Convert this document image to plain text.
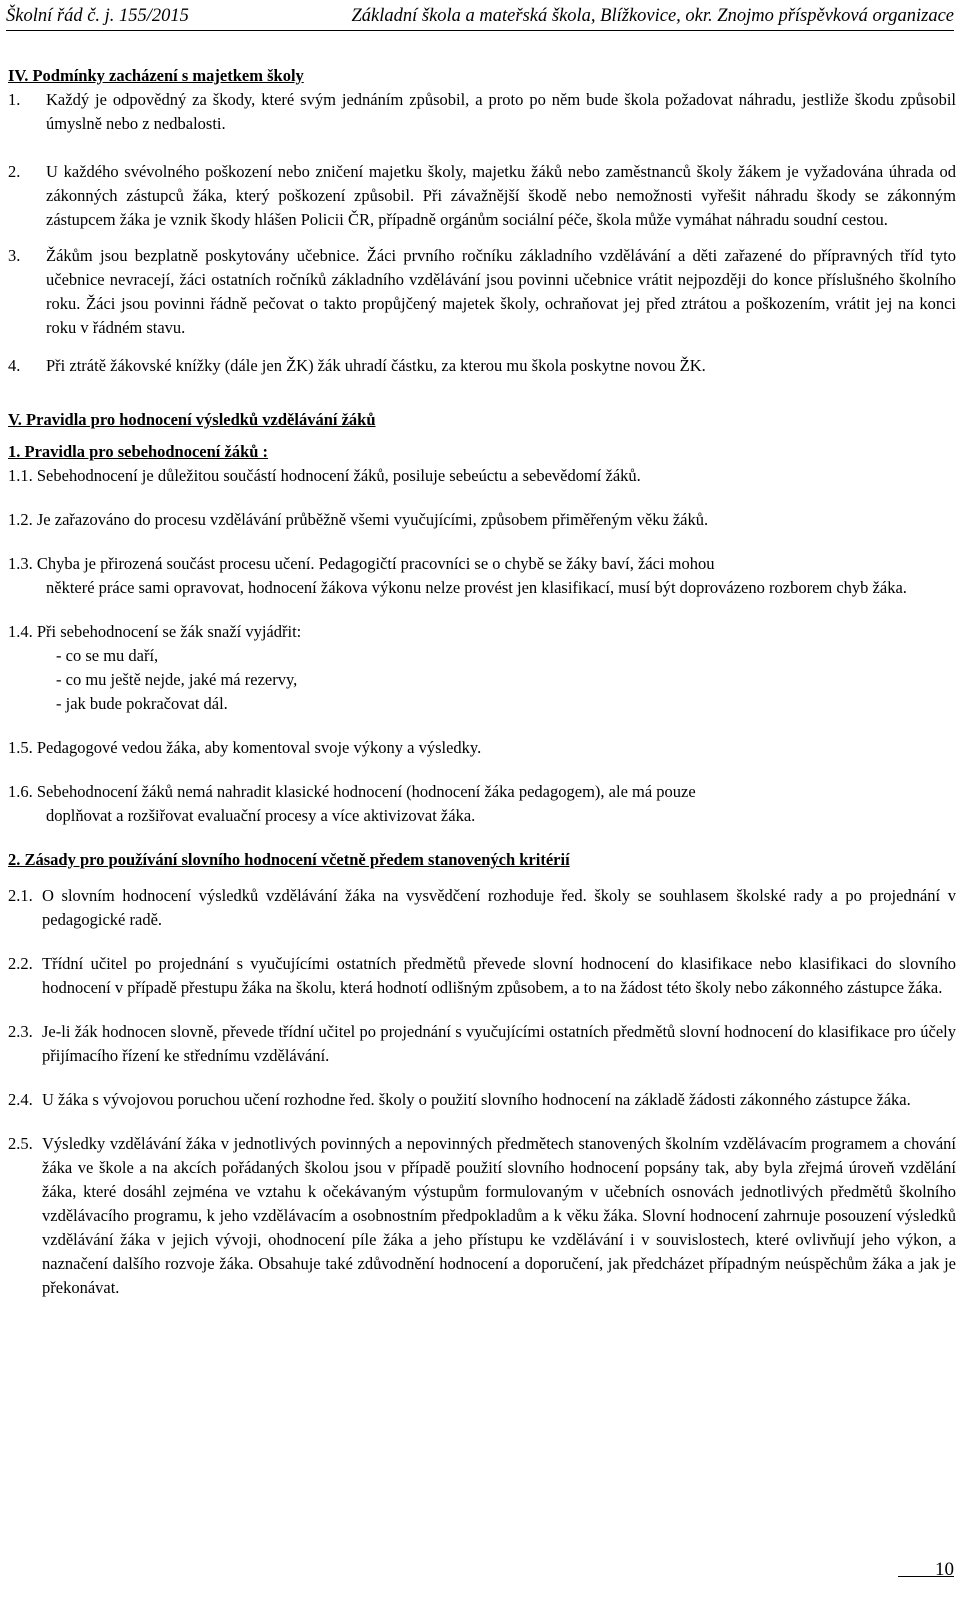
Školní řád č. j. 155/2015	Základní škola a mateřská škola, Blížkovice, okr. Znojmo příspěvková organizace

IV. Podmínky zacházení s majetkem školy

1.	Každý je odpovědný za škody, které svým jednáním způsobil, a proto po něm bude škola požadovat náhradu, jestliže škodu způsobil úmyslně nebo z nedbalosti.
2.	U každého svévolného poškození nebo zničení majetku školy, majetku žáků nebo zaměstnanců školy žákem je vyžadována úhrada od zákonných zástupců žáka, který poškození způsobil. Při závažnější škodě nebo nemožnosti vyřešit náhradu škody se zákonným zástupcem žáka je vznik škody hlášen Policii ČR, případně orgánům sociální péče, škola může vymáhat náhradu soudní cestou.
3.	Žákům jsou bezplatně poskytovány učebnice. Žáci prvního ročníku základního vzdělávání a děti zařazené do přípravných tříd tyto učebnice nevracejí, žáci ostatních ročníků základního vzdělávání jsou povinni učebnice vrátit nejpozději do konce příslušného školního roku. Žáci jsou povinni řádně pečovat o takto propůjčený majetek školy, ochraňovat jej před ztrátou a poškozením, vrátit jej na konci roku v řádném stavu.
4.	Při ztrátě žákovské knížky (dále jen ŽK) žák uhradí částku, za kterou mu škola poskytne novou ŽK.

V. Pravidla pro hodnocení výsledků vzdělávání žáků

1. Pravidla pro sebehodnocení žáků :

1.1. Sebehodnocení je důležitou součástí hodnocení žáků, posiluje sebeúctu a sebevědomí žáků.

1.2. Je zařazováno do procesu vzdělávání průběžně všemi vyučujícími, způsobem přiměřeným věku žáků.

1.3. Chyba je přirozená součást procesu učení. Pedagogičtí pracovníci se o chybě se žáky baví, žáci mohou

některé práce sami opravovat, hodnocení žákova výkonu nelze provést jen klasifikací, musí být doprovázeno rozborem chyb žáka.

1.4. Při sebehodnocení se žák snaží vyjádřit:

- co se mu daří,

- co mu ještě nejde, jaké má rezervy,

- jak bude pokračovat dál.

1.5. Pedagogové vedou žáka, aby komentoval svoje výkony a výsledky.

1.6. Sebehodnocení žáků nemá nahradit klasické hodnocení (hodnocení žáka pedagogem), ale má pouze

doplňovat a rozšiřovat evaluační procesy a více aktivizovat žáka.

2. Zásady pro používání slovního hodnocení včetně předem stanovených kritérií

2.1. O slovním hodnocení výsledků vzdělávání žáka na vysvědčení rozhoduje řed. školy se souhlasem školské rady a po projednání v pedagogické radě.
2.2. Třídní učitel po projednání s vyučujícími ostatních předmětů převede slovní hodnocení do klasifikace nebo klasifikaci do slovního hodnocení v případě přestupu žáka na školu, která hodnotí odlišným způsobem, a to na žádost této školy nebo zákonného zástupce žáka.
2.3. Je-li žák hodnocen slovně, převede třídní učitel po projednání s vyučujícími ostatních předmětů slovní hodnocení do klasifikace pro účely přijímacího řízení ke střednímu vzdělávání.
2.4. U žáka s vývojovou poruchou učení rozhodne řed. školy o použití slovního hodnocení na základě žádosti zákonného zástupce žáka.
2.5. Výsledky vzdělávání žáka v jednotlivých povinných a nepovinných předmětech stanovených školním vzdělávacím programem a chování žáka ve škole a na akcích pořádaných školou jsou v případě použití slovního hodnocení popsány tak, aby byla zřejmá úroveň vzdělání žáka, které dosáhl zejména ve vztahu k očekávaným výstupům formulovaným v učebních osnovách jednotlivých předmětů školního vzdělávacího programu, k jeho vzdělávacím a osobnostním předpokladům a k věku žáka. Slovní hodnocení zahrnuje posouzení výsledků vzdělávání žáka v jejich vývoji, ohodnocení píle žáka a jeho přístupu ke vzdělávání i v souvislostech, které ovlivňují jeho výkon, a naznačení dalšího rozvoje žáka. Obsahuje také zdůvodnění hodnocení a doporučení, jak předcházet případným neúspěchům žáka a jak je překonávat.
10
